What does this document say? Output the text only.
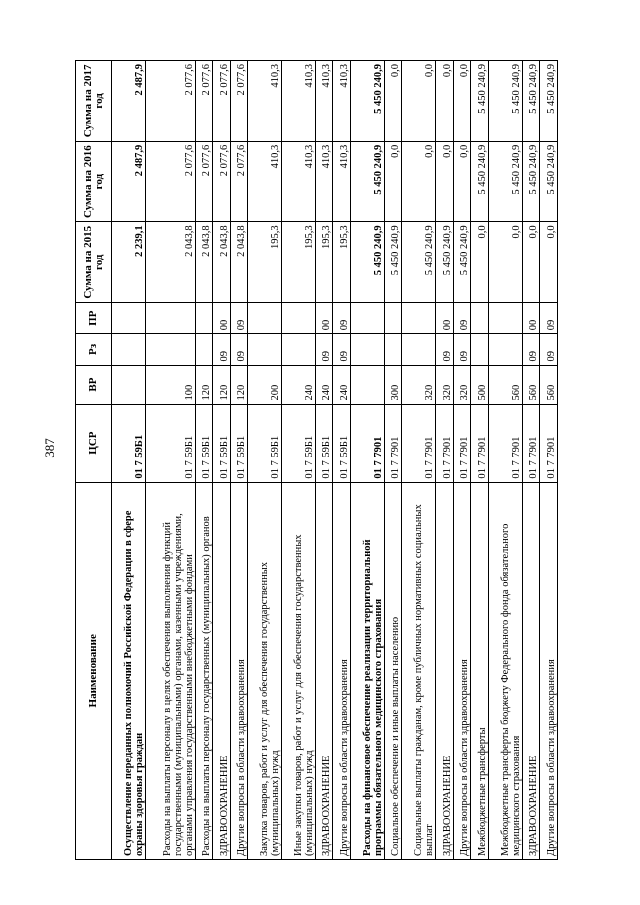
387
Наименование	ЦСР	ВР	Рз	ПР	Сумма на 2015 год	Сумма на 2016 год	Сумма на 2017 год
Осуществление переданных полномочий Российской Федерации в сфере охраны здоровья граждан	01 7 59Б1				2 239,1	2 487,9	2 487,9
Расходы на выплаты персоналу в целях обеспечения выполнения функций государственными (муниципальными) органами, казенными учреждениями, органами управления государственными внебюджетными фондами	01 7 59Б1	100			2 043,8	2 077,6	2 077,6
Расходы на выплаты персоналу государственных (муниципальных) органов	01 7 59Б1	120			2 043,8	2 077,6	2 077,6
ЗДРАВООХРАНЕНИЕ	01 7 59Б1	120	09	00	2 043,8	2 077,6	2 077,6
Другие вопросы в области здравоохранения	01 7 59Б1	120	09	09	2 043,8	2 077,6	2 077,6
Закупка товаров, работ и услуг для обеспечения государственных (муниципальных) нужд	01 7 59Б1	200			195,3	410,3	410,3
Иные закупки товаров, работ и услуг для обеспечения государственных (муниципальных) нужд	01 7 59Б1	240			195,3	410,3	410,3
ЗДРАВООХРАНЕНИЕ	01 7 59Б1	240	09	00	195,3	410,3	410,3
Другие вопросы в области здравоохранения	01 7 59Б1	240	09	09	195,3	410,3	410,3
Расходы на финансовое обеспечение реализации территориальной программы обязательного медицинского страхования	01 7 7901				5 450 240,9	5 450 240,9	5 450 240,9
Социальное обеспечение и иные выплаты населению	01 7 7901	300			5 450 240,9	0,0	0,0
Социальные выплаты гражданам, кроме публичных нормативных социальных выплат	01 7 7901	320			5 450 240,9	0,0	0,0
ЗДРАВООХРАНЕНИЕ	01 7 7901	320	09	00	5 450 240,9	0,0	0,0
Другие вопросы в области здравоохранения	01 7 7901	320	09	09	5 450 240,9	0,0	0,0
Межбюджетные трансферты	01 7 7901	500			0,0	5 450 240,9	5 450 240,9
Межбюджетные трансферты бюджету Федерального фонда обязательного медицинского страхования	01 7 7901	560			0,0	5 450 240,9	5 450 240,9
ЗДРАВООХРАНЕНИЕ	01 7 7901	560	09	00	0,0	5 450 240,9	5 450 240,9
Другие вопросы в области здравоохранения	01 7 7901	560	09	09	0,0	5 450 240,9	5 450 240,9
